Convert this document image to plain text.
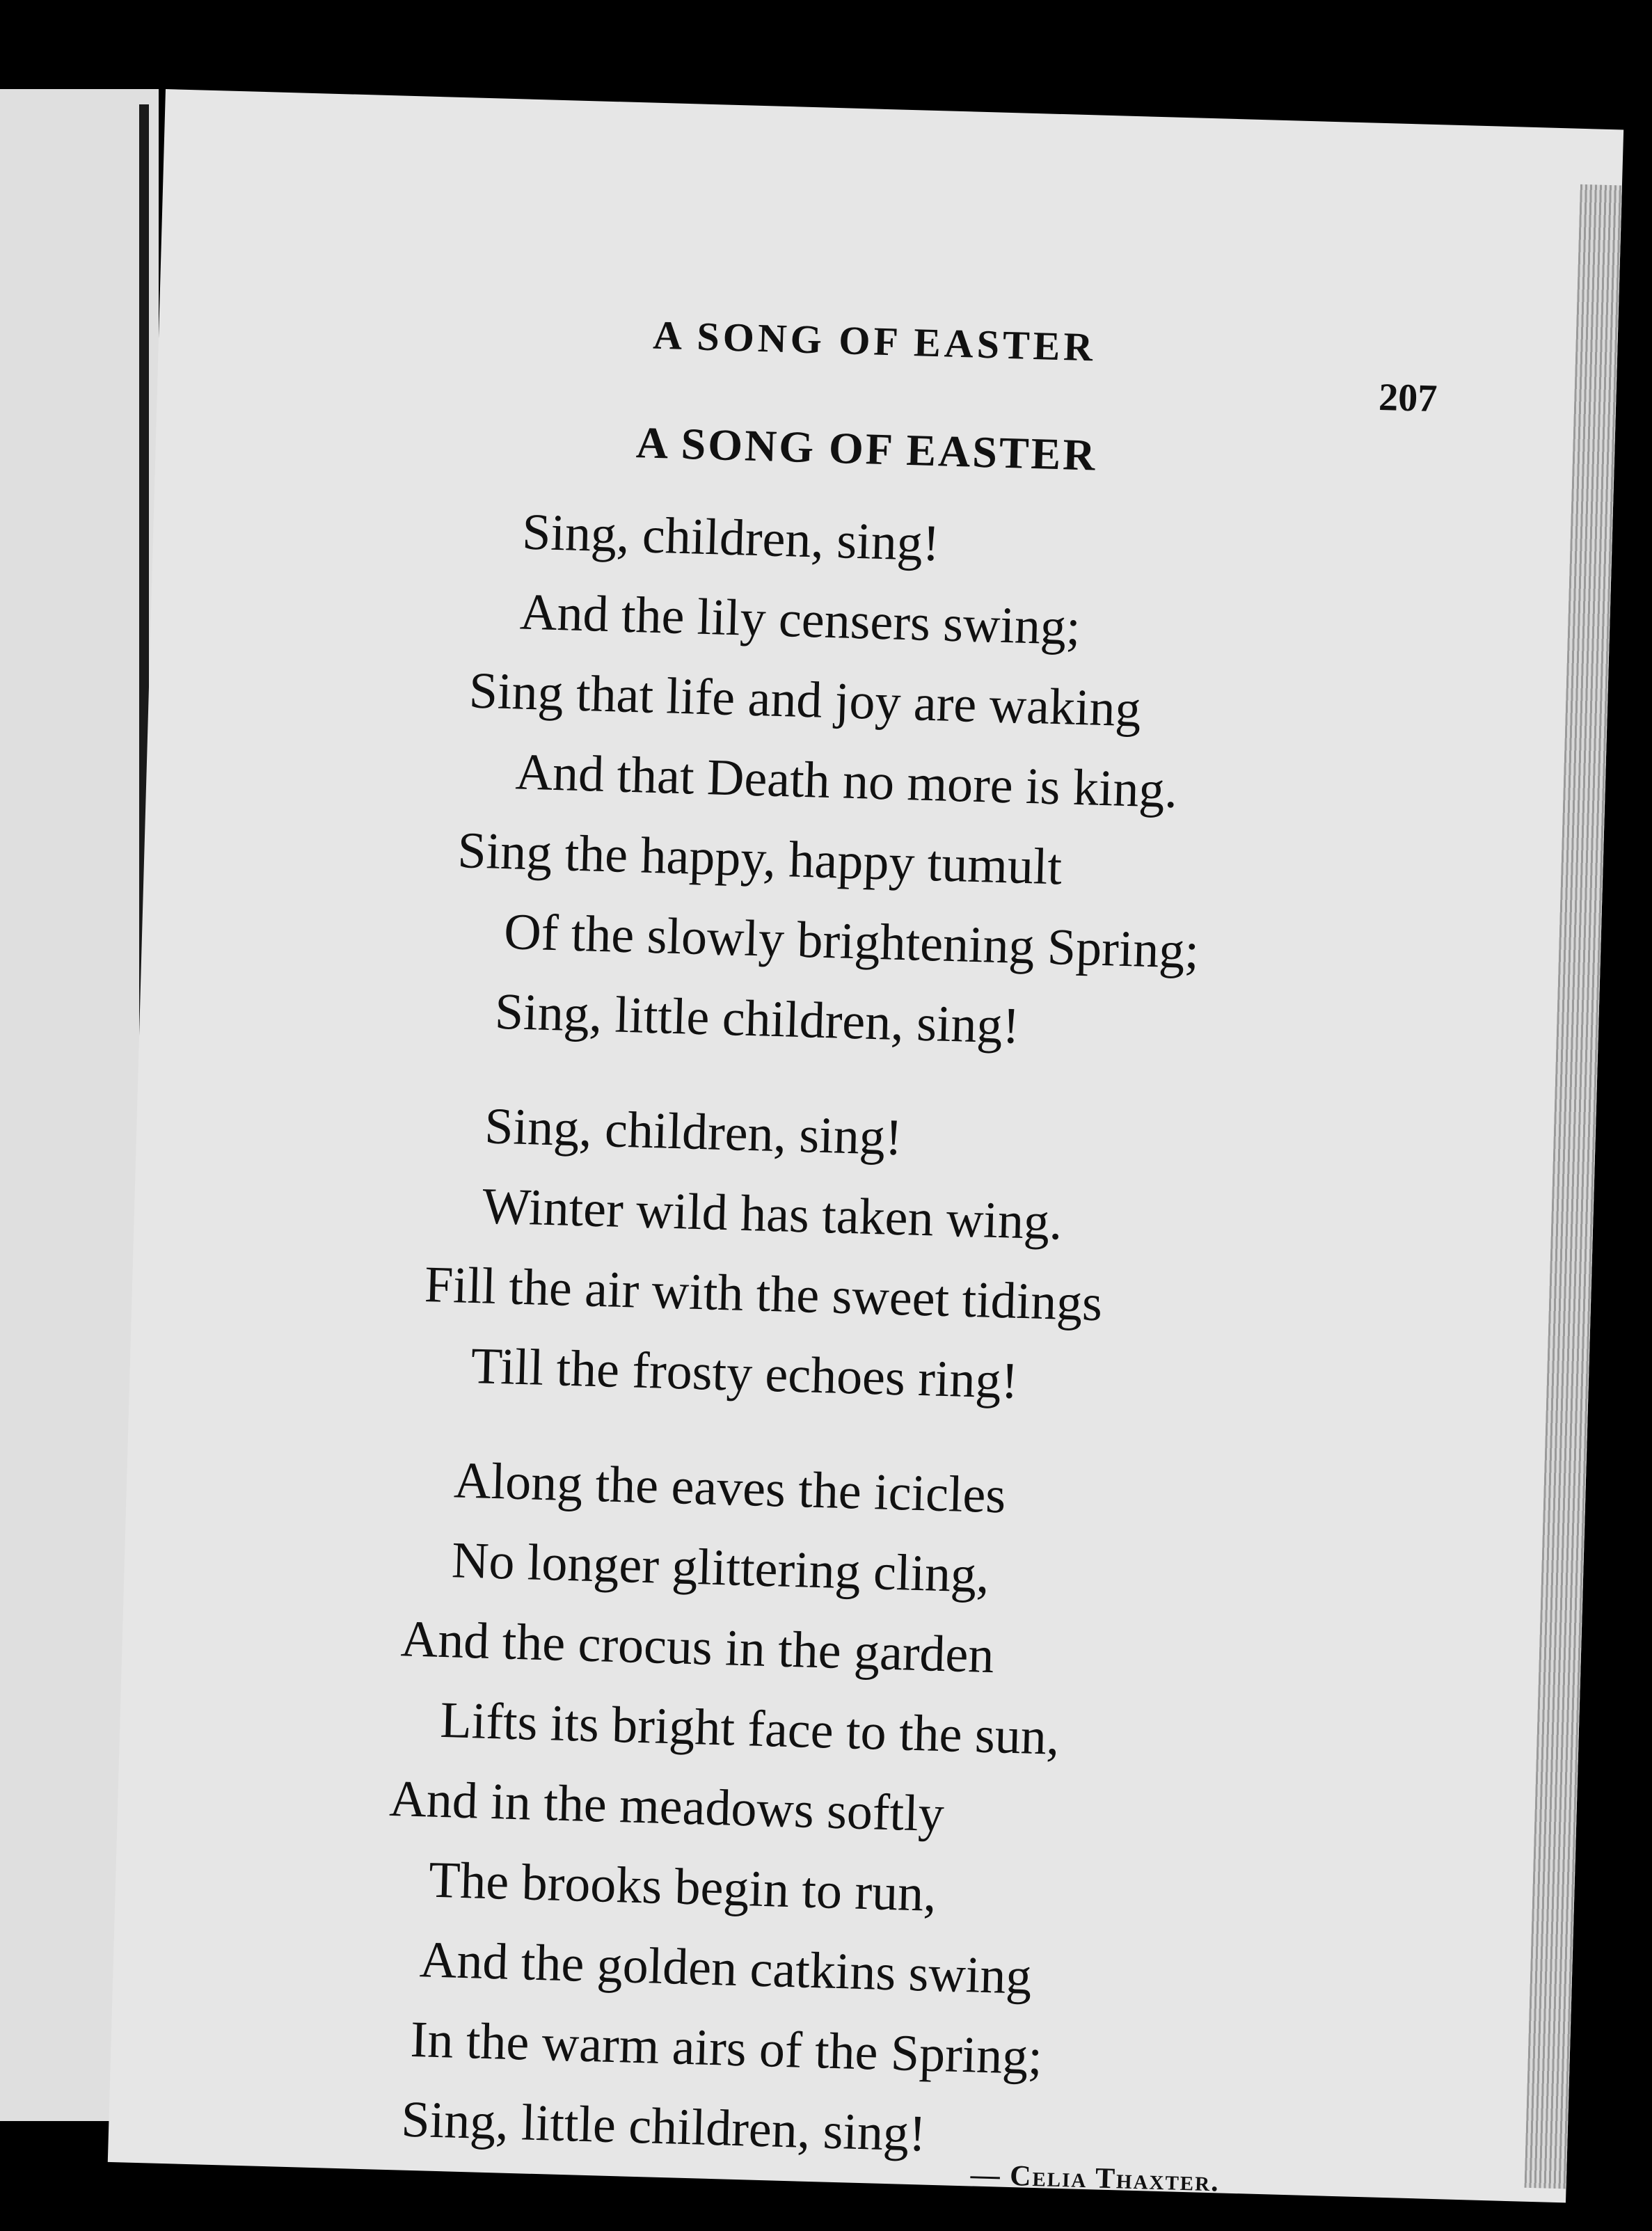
A SONG OF EASTER
207
A SONG OF EASTER
Sing, children, sing!
And the lily censers swing;
Sing that life and joy are waking
And that Death no more is king.
Sing the happy, happy tumult
Of the slowly brightening Spring;
Sing, little children, sing!
Sing, children, sing!
Winter wild has taken wing.
Fill the air with the sweet tidings
Till the frosty echoes ring!
Along the eaves the icicles
No longer glittering cling,
And the crocus in the garden
Lifts its bright face to the sun,
And in the meadows softly
The brooks begin to run,
And the golden catkins swing
In the warm airs of the Spring;
Sing, little children, sing!
— Celia Thaxter.
